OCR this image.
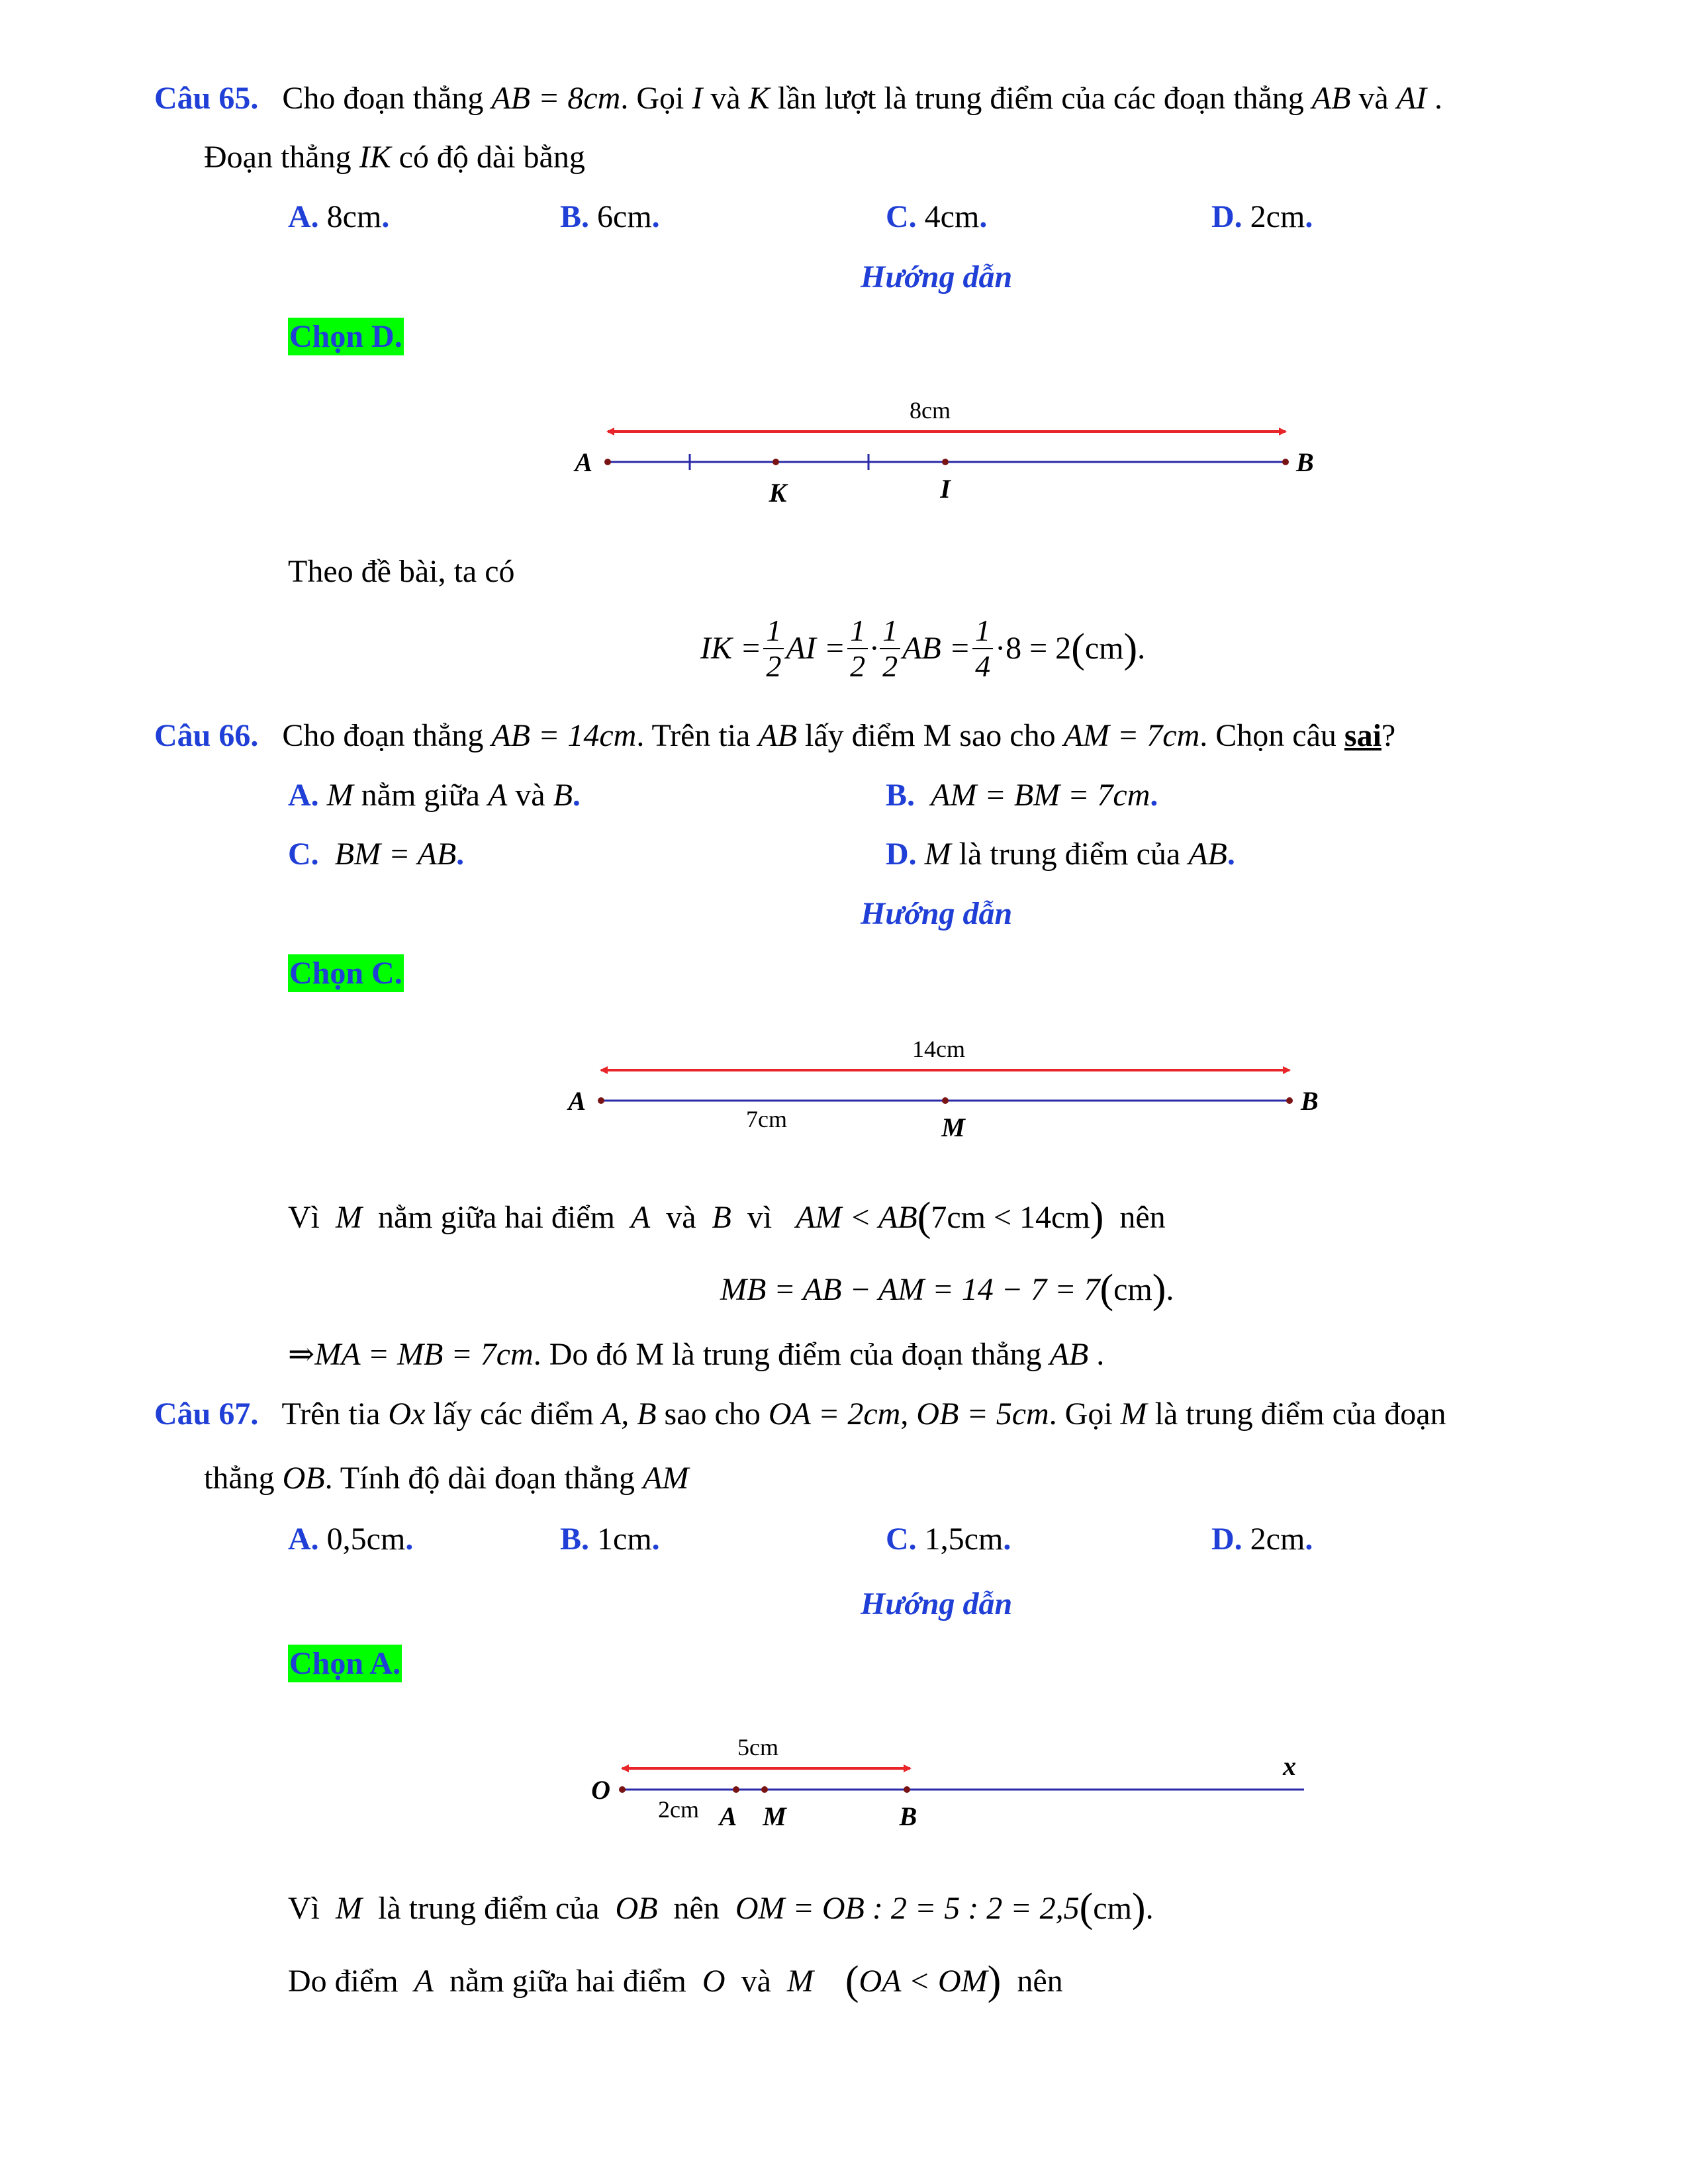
Câu 65. Cho đoạn thẳng AB = 8cm. Gọi I và K lần lượt là trung điểm của các đoạn thẳng AB và AI .
Đoạn thẳng IK có độ dài bằng
A. 8cm.	B. 6cm.	C. 4cm.	D. 2cm.
Hướng dẫn
Chọn D.
8cm
A	B
K	I
Theo đề bài, ta có
IK = $\frac{1}{2}$ AI = $\frac{1}{2} \cdot \frac{1}{2}$ AB = $\frac{1}{4} \cdot 8 = 2$ ( cm ) .
Câu 66. Cho đoạn thẳng AB = 14cm. Trên tia AB lấy điểm M sao cho AM = 7cm. Chọn câu sai?
A. M nằm giữa A và B.	B. AM = BM = 7cm.
C. BM = AB.	D. M là trung điểm của AB.
Hướng dẫn
Chọn C.
14cm
A	B
M
7cm
Vì M nằm giữa hai điểm A và B vì AM < AB(7cm < 14cm) nên
MB = AB − AM = 14 − 7 = 7(cm).
⇒MA = MB = 7cm. Do đó M là trung điểm của đoạn thẳng AB .
Câu 67. Trên tia Ox lấy các điểm A, B sao cho OA = 2cm, OB = 5cm. Gọi M là trung điểm của đoạn
thẳng OB. Tính độ dài đoạn thẳng AM
A. 0,5cm.	B. 1cm.	C. 1,5cm.	D. 2cm.
Hướng dẫn
Chọn A.
5cm
O
x
A M	B
2cm
Vì M là trung điểm của OB nên OM = OB : 2 = 5 : 2 = 2,5(cm).
Do điểm A nằm giữa hai điểm O và M (OA < OM) nên
